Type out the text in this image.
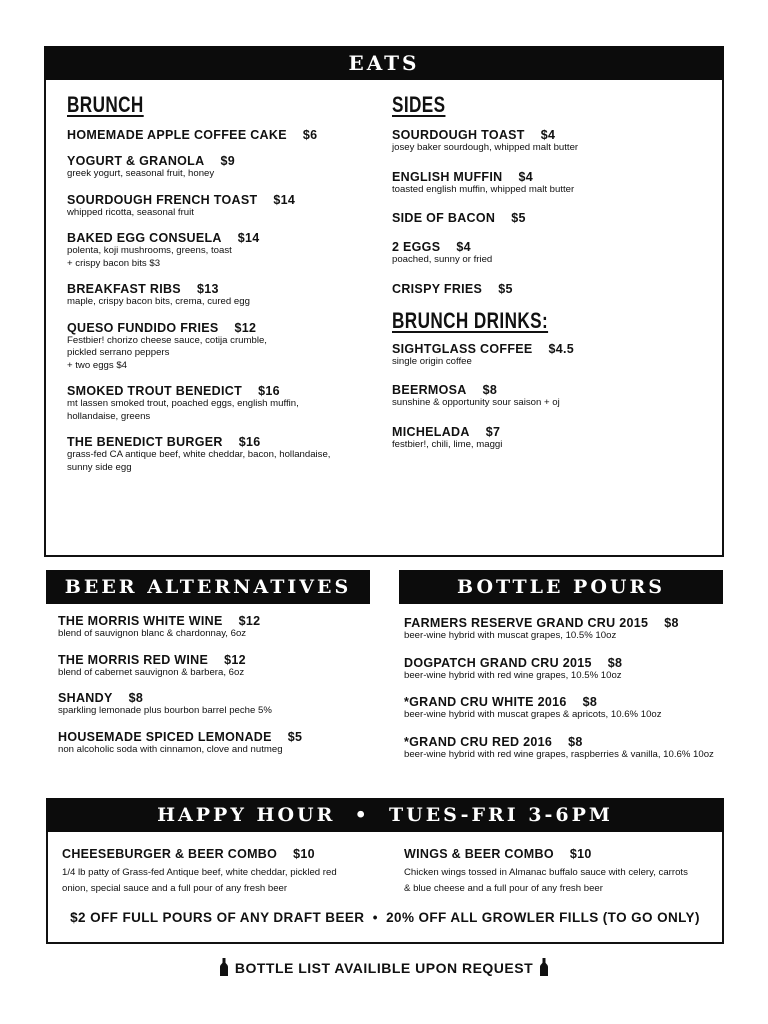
EATS
BRUNCH

HOMEMADE APPLE COFFEE CAKE $6

YOGURT & GRANOLA $9

greek yogurt, seasonal fruit, honey

SOURDOUGH FRENCH TOAST $14

whipped ricotta, seasonal fruit

BAKED EGG CONSUELA $14

polenta, koji mushrooms, greens, toast

+ crispy bacon bits $3

BREAKFAST RIBS $13

maple, crispy bacon bits, crema, cured egg

QUESO FUNDIDO FRIES $12

Festbier! chorizo cheese sauce, cotija crumble,

pickled serrano peppers

+ two eggs $4

SMOKED TROUT BENEDICT $16

mt lassen smoked trout, poached eggs, english muffin,

hollandaise, greens

THE BENEDICT BURGER $16

grass-fed CA antique beef, white cheddar, bacon, hollandaise,

sunny side egg

SIDES

SOURDOUGH TOAST $4

josey baker sourdough, whipped malt butter

ENGLISH MUFFIN $4

toasted english muffin, whipped malt butter

SIDE OF BACON $5

2 EGGS $4

poached, sunny or fried

CRISPY FRIES $5

BRUNCH DRINKS:

SIGHTGLASS COFFEE $4.5

single origin coffee

BEERMOSA $8

sunshine & opportunity sour saison + oj

MICHELADA $7

festbier!, chili, lime, maggi

BEER ALTERNATIVES

THE MORRIS WHITE WINE $12

blend of sauvignon blanc & chardonnay, 6oz

THE MORRIS RED WINE $12

blend of cabernet sauvignon & barbera, 6oz

SHANDY $8

sparkling lemonade plus bourbon barrel peche 5%

HOUSEMADE SPICED LEMONADE $5

non alcoholic soda with cinnamon, clove and nutmeg

BOTTLE POURS

FARMERS RESERVE GRAND CRU 2015 $8

beer-wine hybrid with muscat grapes, 10.5% 10oz

DOGPATCH GRAND CRU 2015 $8

beer-wine hybrid with red wine grapes, 10.5% 10oz

*GRAND CRU WHITE 2016 $8

beer-wine hybrid with muscat grapes & apricots, 10.6% 10oz

*GRAND CRU RED 2016 $8

beer-wine hybrid with red wine grapes, raspberries & vanilla, 10.6% 10oz

HAPPY HOUR  •  TUES-FRI 3-6PM

CHEESEBURGER & BEER COMBO $10

1/4 lb patty of Grass-fed Antique beef, white cheddar, pickled red

onion, special sauce and a full pour of any fresh beer

WINGS & BEER COMBO $10

Chicken wings tossed in Almanac buffalo sauce with celery, carrots

& blue cheese and a full pour of any fresh beer

$2 OFF FULL POURS OF ANY DRAFT BEER  •  20% OFF ALL GROWLER FILLS (TO GO ONLY)
BOTTLE LIST AVAILIBLE UPON REQUEST
